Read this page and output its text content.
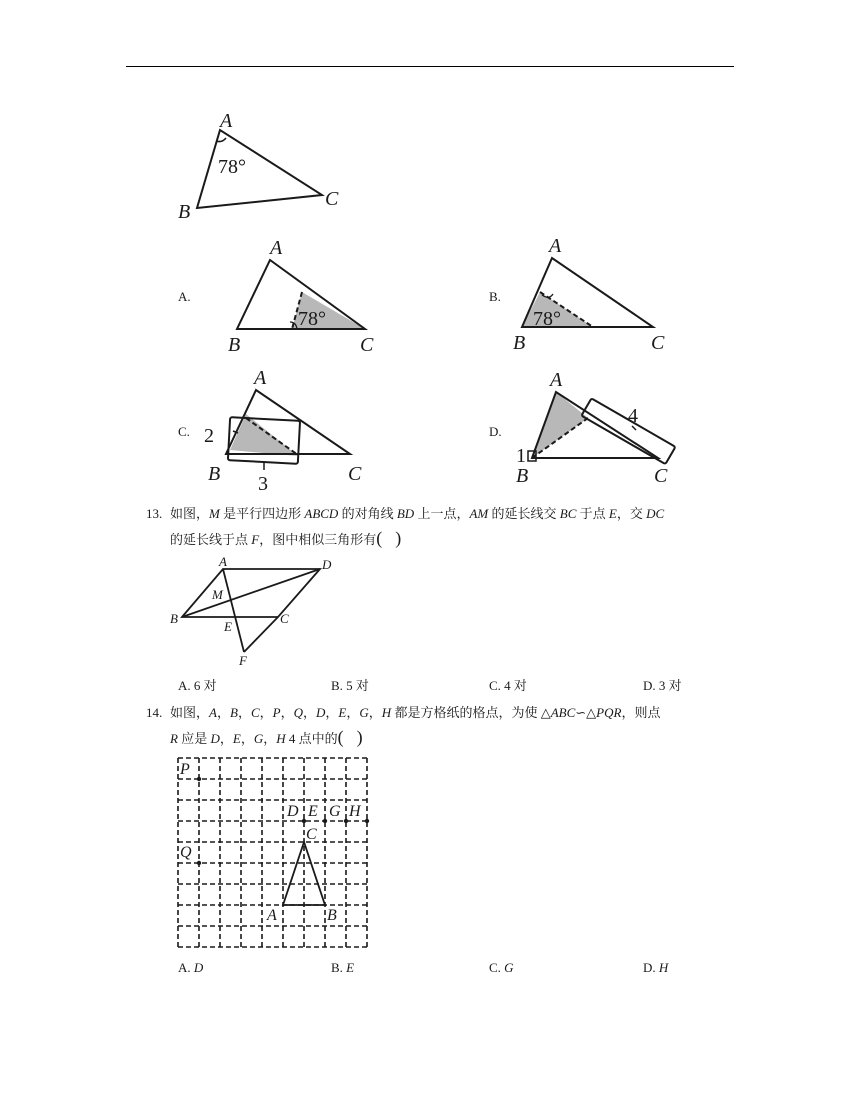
A
B
C
78°
A.
A
B	C
78°
B.
A
B	C
78°
C.
A
B	C
2
3
D.
A
B	C
1
4
13. 如图，M 是平行四边形 ABCD 的对角线 BD 上一点，AM 的延长线交 BC 于点 E，交 DC
的延长线于点 F，图中相似三角形有( )
A	D
B	C
M
E
F
A. 6 对	B. 5 对	C. 4 对	D. 3 对
14. 如图，A，B，C，P，Q，D，E，G，H 都是方格纸的格点，为使 △ABC∽△PQR，则点
R 应是 D，E，G，H 4 点中的( )
P
Q
D E G H
C
A	B
A. D	B. E	C. G	D. H
